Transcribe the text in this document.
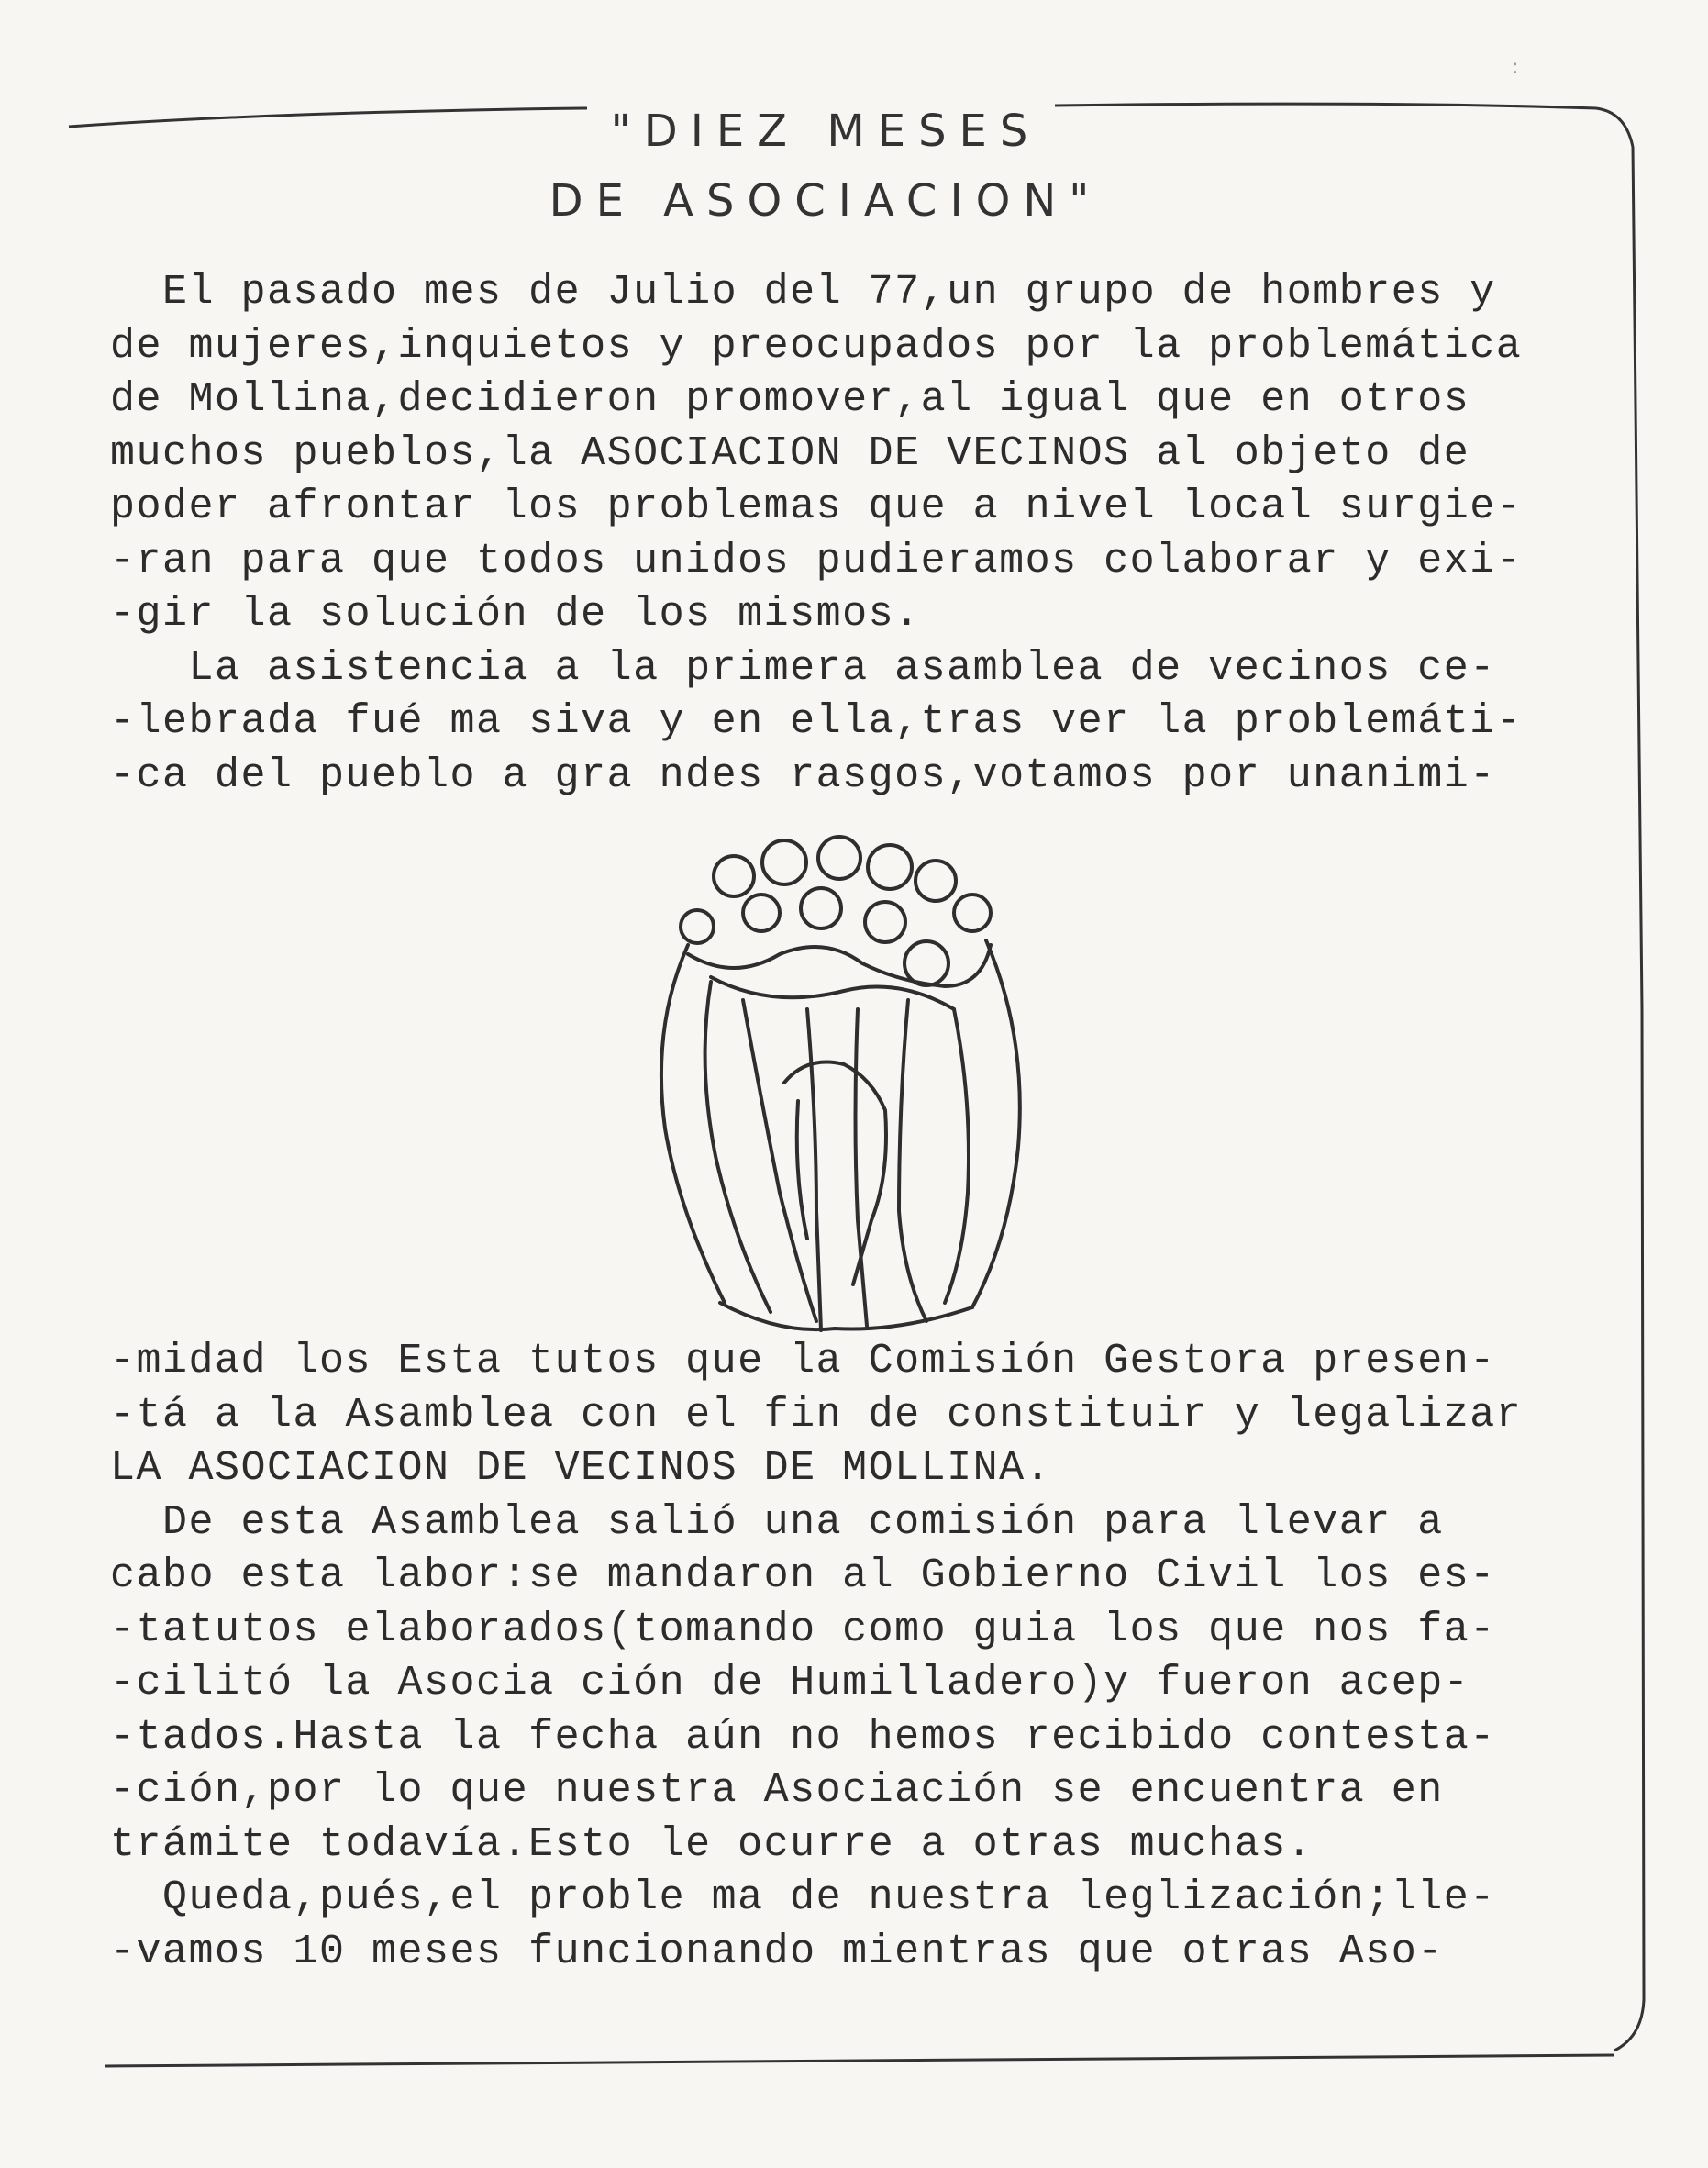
:
"DIEZ MESES
DE ASOCIACION"
El pasado mes de Julio del 77,un grupo de hombres y
de mujeres,inquietos y preocupados por la problemática
de Mollina,decidieron promover,al igual que en otros
muchos pueblos,la ASOCIACION DE VECINOS al objeto de
poder afrontar los problemas que a nivel local surgie-
-ran para que todos unidos pudieramos colaborar y exi-
-gir la solución de los mismos.
La asistencia a la primera asamblea de vecinos ce-
-lebrada fué ma siva y en ella,tras ver la problemáti-
-ca del pueblo a gra ndes rasgos,votamos por unanimi-
-midad los Esta tutos que la Comisión Gestora presen-
-tá a la Asamblea con el fin de constituir y legalizar
LA ASOCIACION DE VECINOS DE MOLLINA.
De esta Asamblea salió una comisión para llevar a
cabo esta labor:se mandaron al Gobierno Civil los es-
-tatutos elaborados(tomando como guia los que nos fa-
-cilitó la Asocia ción de Humilladero)y fueron acep-
-tados.Hasta la fecha aún no hemos recibido contesta-
-ción,por lo que nuestra Asociación se encuentra en
trámite todavía.Esto le ocurre a otras muchas.
Queda,pués,el proble ma de nuestra leglización;lle-
-vamos 10 meses funcionando mientras que otras Aso-
